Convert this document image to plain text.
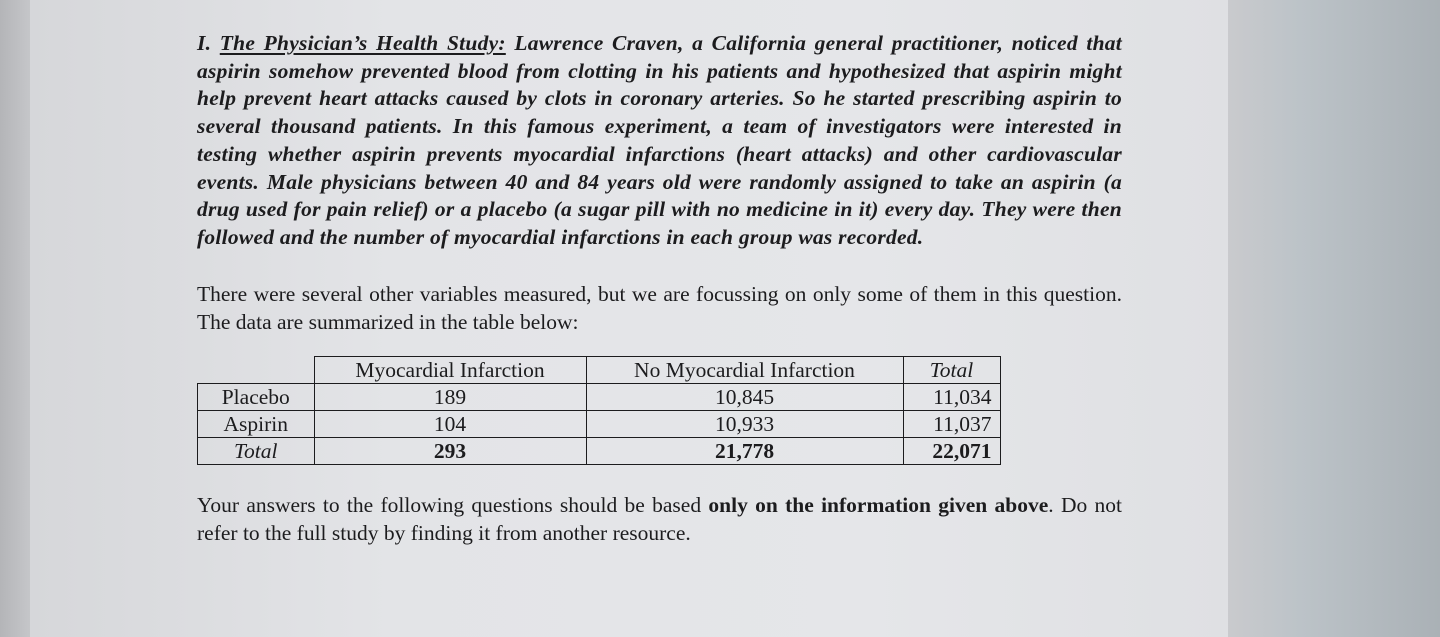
I. The Physician’s Health Study: Lawrence Craven, a California general practitioner, noticed that aspirin somehow prevented blood from clotting in his patients and hypothesized that aspirin might help prevent heart attacks caused by clots in coronary arteries. So he started prescribing aspirin to several thousand patients. In this famous experiment, a team of investigators were interested in testing whether aspirin prevents myocardial infarctions (heart attacks) and other cardiovascular events. Male physicians between 40 and 84 years old were randomly assigned to take an aspirin (a drug used for pain relief) or a placebo (a sugar pill with no medicine in it) every day. They were then followed and the number of myocardial infarctions in each group was recorded.

There were several other variables measured, but we are focussing on only some of them in this question. The data are summarized in the table below:

	Myocardial Infarction	No Myocardial Infarction	Total
Placebo	189	10,845	11,034
Aspirin	104	10,933	11,037
Total	293	21,778	22,071

Your answers to the following questions should be based only on the information given above. Do not refer to the full study by finding it from another resource.
